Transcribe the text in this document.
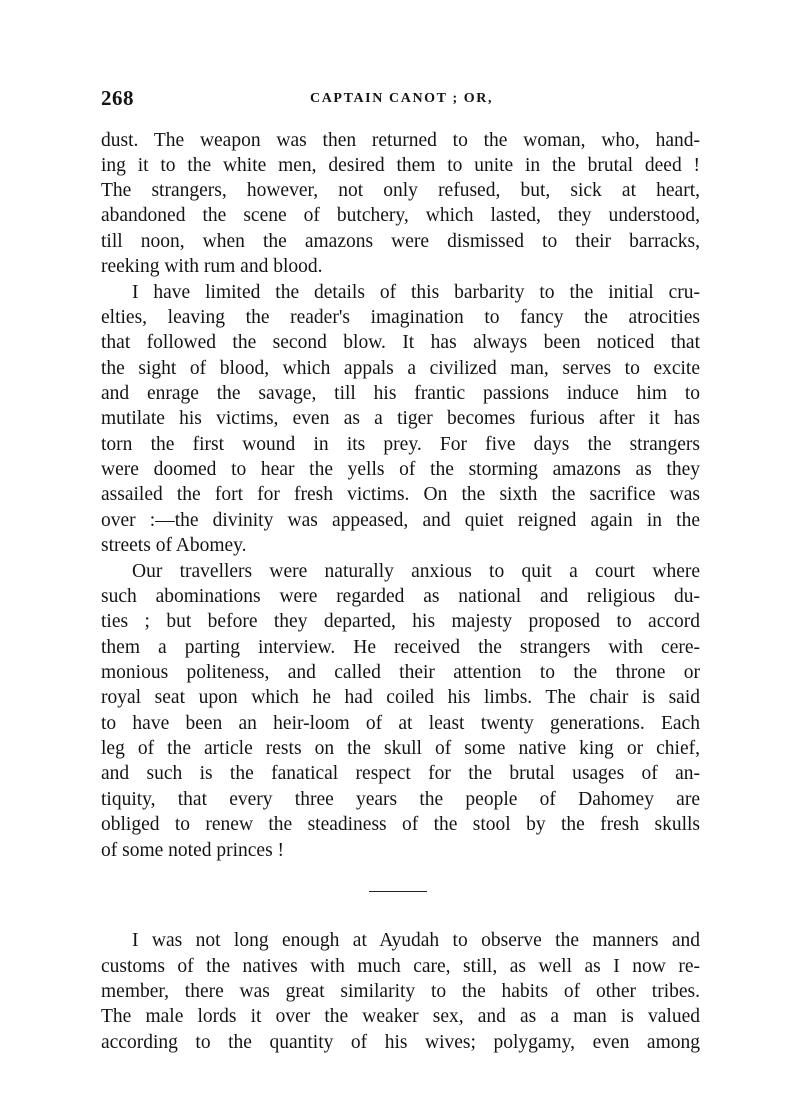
268	CAPTAIN CANOT ; OR,
dust. The weapon was then returned to the woman, who, hand-
ing it to the white men, desired them to unite in the brutal deed !
The strangers, however, not only refused, but, sick at heart,
abandoned the scene of butchery, which lasted, they understood,
till noon, when the amazons were dismissed to their barracks,
reeking with rum and blood.
I have limited the details of this barbarity to the initial cru-
elties, leaving the reader's imagination to fancy the atrocities
that followed the second blow. It has always been noticed that
the sight of blood, which appals a civilized man, serves to excite
and enrage the savage, till his frantic passions induce him to
mutilate his victims, even as a tiger becomes furious after it has
torn the first wound in its prey. For five days the strangers
were doomed to hear the yells of the storming amazons as they
assailed the fort for fresh victims. On the sixth the sacrifice was
over :—the divinity was appeased, and quiet reigned again in the
streets of Abomey.
Our travellers were naturally anxious to quit a court where
such abominations were regarded as national and religious du-
ties ; but before they departed, his majesty proposed to accord
them a parting interview. He received the strangers with cere-
monious politeness, and called their attention to the throne or
royal seat upon which he had coiled his limbs. The chair is said
to have been an heir-loom of at least twenty generations. Each
leg of the article rests on the skull of some native king or chief,
and such is the fanatical respect for the brutal usages of an-
tiquity, that every three years the people of Dahomey are
obliged to renew the steadiness of the stool by the fresh skulls
of some noted princes !
I was not long enough at Ayudah to observe the manners and
customs of the natives with much care, still, as well as I now re-
member, there was great similarity to the habits of other tribes.
The male lords it over the weaker sex, and as a man is valued
according to the quantity of his wives; polygamy, even among
